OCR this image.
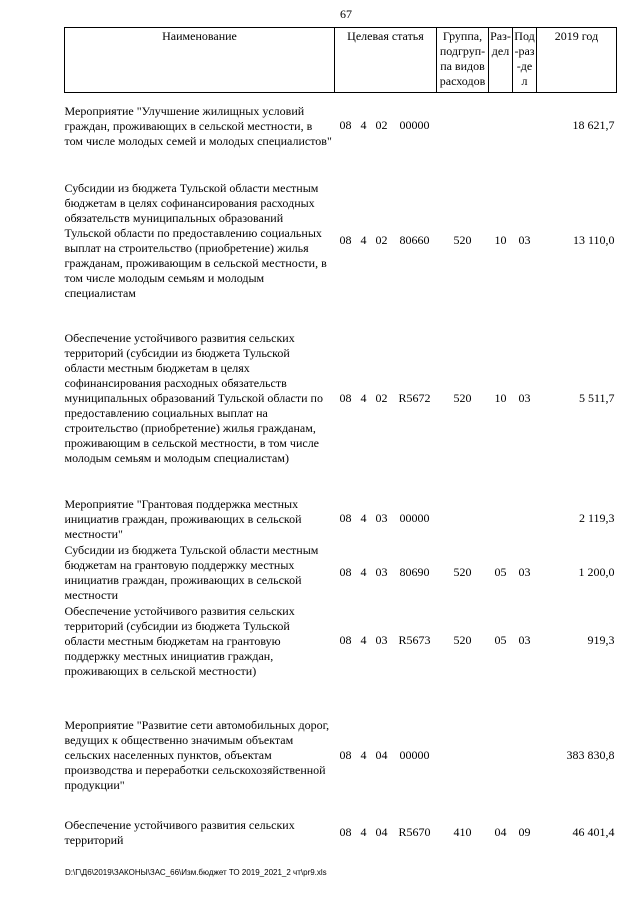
67
Наименование	Целевая статья				Группа, подгруп-па видов расходов	Раз-дел	Под-раз-дел	2019 год
Мероприятие "Улучшение жилищных условий граждан, проживающих в сельской местности, в том числе молодых семей и молодых специалистов"	08	4	02	00000				18 621,7
Субсидии из бюджета Тульской области местным бюджетам в целях софинансирования расходных обязательств муниципальных образований Тульской области по предоставлению социальных выплат на строительство (приобретение) жилья гражданам, проживающим в сельской местности, в том числе молодым семьям и молодым специалистам	08	4	02	80660	520	10	03	13 110,0
Обеспечение устойчивого развития сельских территорий (субсидии из бюджета Тульской области местным бюджетам в целях софинансирования расходных обязательств муниципальных образований Тульской области по предоставлению социальных выплат на строительство (приобретение) жилья гражданам, проживающим в сельской местности, в том числе молодым семьям и молодым специалистам)	08	4	02	R5672	520	10	03	5 511,7
Мероприятие "Грантовая поддержка местных инициатив граждан, проживающих в сельской местности"	08	4	03	00000				2 119,3
Субсидии из бюджета Тульской области местным бюджетам на грантовую поддержку местных инициатив граждан, проживающих в сельской местности	08	4	03	80690	520	05	03	1 200,0
Обеспечение устойчивого развития сельских территорий (субсидии из бюджета Тульской области местным бюджетам на грантовую поддержку местных инициатив граждан, проживающих в сельской местности)	08	4	03	R5673	520	05	03	919,3
Мероприятие "Развитие сети автомобильных дорог, ведущих к общественно значимым объектам сельских населенных пунктов, объектам производства и переработки сельскохозяйственной продукции"	08	4	04	00000				383 830,8
Обеспечение устойчивого развития сельских территорий	08	4	04	R5670	410	04	09	46 401,4
D:\Г\Д6\2019\ЗАКОНЫ\ЗАС_66\Изм.бюджет ТО 2019_2021_2 чт\pr9.xls
